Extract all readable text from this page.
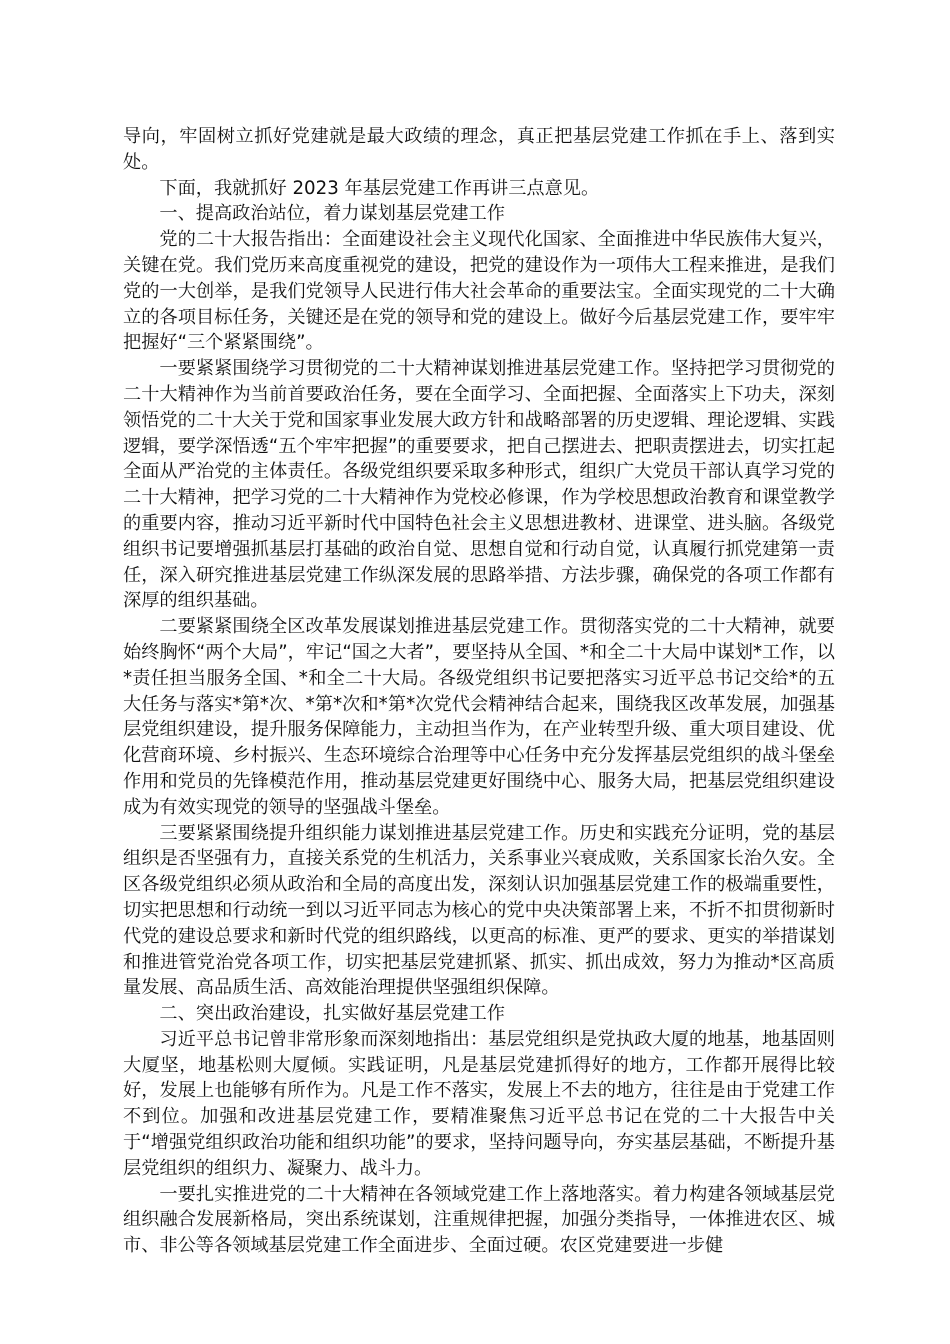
导向，牢固树立抓好党建就是最大政绩的理念，真正把基层党建工作抓在手上、落到实处。

下面，我就抓好 2023 年基层党建工作再讲三点意见。

一、提高政治站位，着力谋划基层党建工作

党的二十大报告指出：全面建设社会主义现代化国家、全面推进中华民族伟大复兴，关键在党。我们党历来高度重视党的建设，把党的建设作为一项伟大工程来推进，是我们党的一大创举，是我们党领导人民进行伟大社会革命的重要法宝。全面实现党的二十大确立的各项目标任务，关键还是在党的领导和党的建设上。做好今后基层党建工作，要牢牢把握好“三个紧紧围绕”。

一要紧紧围绕学习贯彻党的二十大精神谋划推进基层党建工作。坚持把学习贯彻党的二十大精神作为当前首要政治任务，要在全面学习、全面把握、全面落实上下功夫，深刻领悟党的二十大关于党和国家事业发展大政方针和战略部署的历史逻辑、理论逻辑、实践逻辑，要学深悟透“五个牢牢把握”的重要要求，把自己摆进去、把职责摆进去，切实扛起全面从严治党的主体责任。各级党组织要采取多种形式，组织广大党员干部认真学习党的二十大精神，把学习党的二十大精神作为党校必修课，作为学校思想政治教育和课堂教学的重要内容，推动习近平新时代中国特色社会主义思想进教材、进课堂、进头脑。各级党组织书记要增强抓基层打基础的政治自觉、思想自觉和行动自觉，认真履行抓党建第一责任，深入研究推进基层党建工作纵深发展的思路举措、方法步骤，确保党的各项工作都有深厚的组织基础。

二要紧紧围绕全区改革发展谋划推进基层党建工作。贯彻落实党的二十大精神，就要始终胸怀“两个大局”，牢记“国之大者”，要坚持从全国、*和全二十大局中谋划*工作，以*责任担当服务全国、*和全二十大局。各级党组织书记要把落实习近平总书记交给*的五大任务与落实*第*次、*第*次和*第*次党代会精神结合起来，围绕我区改革发展，加强基层党组织建设，提升服务保障能力，主动担当作为，在产业转型升级、重大项目建设、优化营商环境、乡村振兴、生态环境综合治理等中心任务中充分发挥基层党组织的战斗堡垒作用和党员的先锋模范作用，推动基层党建更好围绕中心、服务大局，把基层党组织建设成为有效实现党的领导的坚强战斗堡垒。

三要紧紧围绕提升组织能力谋划推进基层党建工作。历史和实践充分证明，党的基层组织是否坚强有力，直接关系党的生机活力，关系事业兴衰成败，关系国家长治久安。全区各级党组织必须从政治和全局的高度出发，深刻认识加强基层党建工作的极端重要性，切实把思想和行动统一到以习近平同志为核心的党中央决策部署上来，不折不扣贯彻新时代党的建设总要求和新时代党的组织路线，以更高的标准、更严的要求、更实的举措谋划和推进管党治党各项工作，切实把基层党建抓紧、抓实、抓出成效，努力为推动*区高质量发展、高品质生活、高效能治理提供坚强组织保障。

二、突出政治建设，扎实做好基层党建工作

习近平总书记曾非常形象而深刻地指出：基层党组织是党执政大厦的地基，地基固则大厦坚，地基松则大厦倾。实践证明，凡是基层党建抓得好的地方，工作都开展得比较好，发展上也能够有所作为。凡是工作不落实，发展上不去的地方，往往是由于党建工作不到位。加强和改进基层党建工作，要精准聚焦习近平总书记在党的二十大报告中关于“增强党组织政治功能和组织功能”的要求，坚持问题导向，夯实基层基础，不断提升基层党组织的组织力、凝聚力、战斗力。

一要扎实推进党的二十大精神在各领域党建工作上落地落实。着力构建各领域基层党组织融合发展新格局，突出系统谋划，注重规律把握，加强分类指导，一体推进农区、城市、非公等各领域基层党建工作全面进步、全面过硬。农区党建要进一步健
